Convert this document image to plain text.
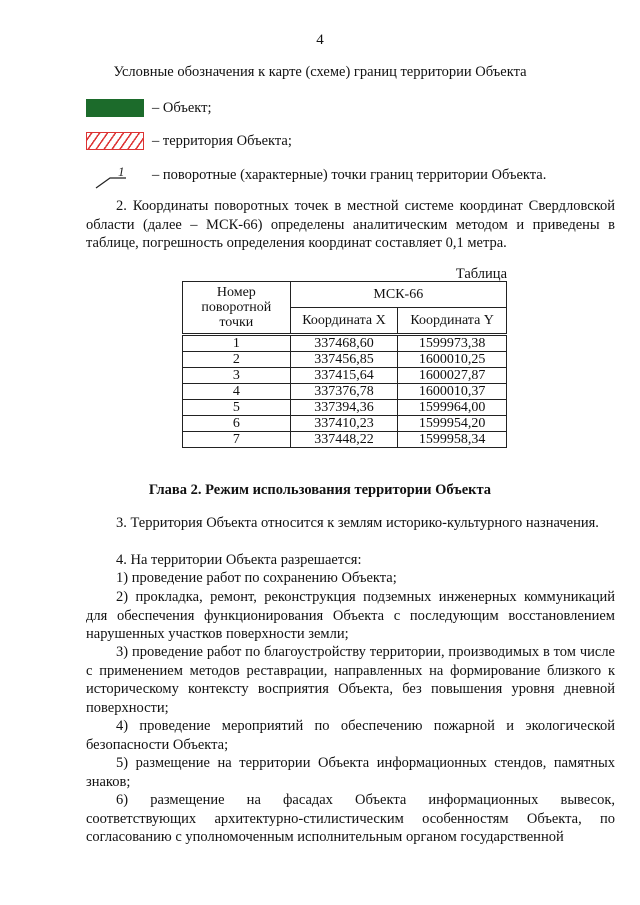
4
Условные обозначения к карте (схеме) границ территории Объекта
– Объект;
– территория Объекта;
1 – поворотные (характерные) точки границ территории Объекта.

2. Координаты поворотных точек в местной системе координат Свердловской области (далее – МСК-66) определены аналитическим методом и приведены в таблице, погрешность определения координат составляет 0,1 метра.

Таблица
Номер поворотной точки	МСК-66	
	Координата X	Координата Y
1	337468,60	1599973,38
2	337456,85	1600010,25
3	337415,64	1600027,87
4	337376,78	1600010,37
5	337394,36	1599964,00
6	337410,23	1599954,20
7	337448,22	1599958,34
Глава 2. Режим использования территории Объекта

3. Территория Объекта относится к землям историко-культурного назначения.

4. На территории Объекта разрешается:

1) проведение работ по сохранению Объекта;

2) прокладка, ремонт, реконструкция подземных инженерных коммуникаций для обеспечения функционирования Объекта с последующим восстановлением нарушенных участков поверхности земли;

3) проведение работ по благоустройству территории, производимых в том числе с применением методов реставрации, направленных на формирование близкого к историческому контексту восприятия Объекта, без повышения уровня дневной поверхности;

4) проведение мероприятий по обеспечению пожарной и экологической безопасности Объекта;

5) размещение на территории Объекта информационных стендов, памятных знаков;

6) размещение на фасадах Объекта информационных вывесок, соответствующих архитектурно-стилистическим особенностям Объекта, по согласованию с уполномоченным исполнительным органом государственной
